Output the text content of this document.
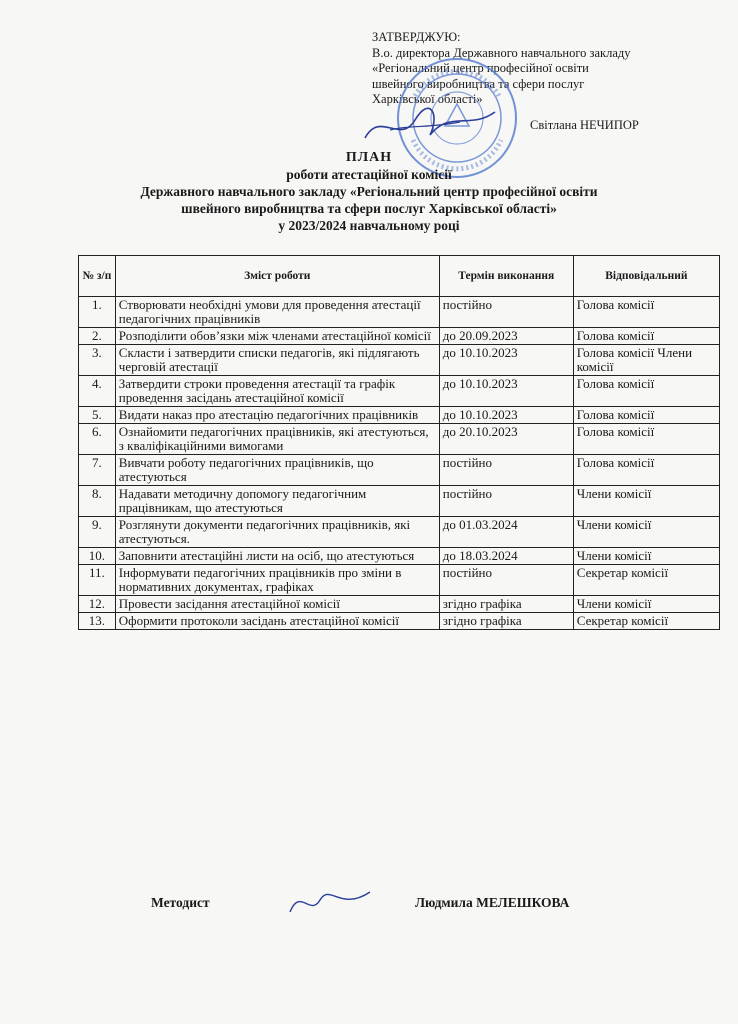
ЗАТВЕРДЖУЮ:
В.о. директора Державного навчального закладу
«Регіональний центр професійної освіти
швейного виробництва та сфери послуг
Харківської області»
Світлана НЕЧИПОР
ПЛАН
роботи атестаційної комісії
Державного навчального закладу «Регіональний центр професійної освіти
швейного виробництва та сфери послуг Харківської області»
у 2023/2024 навчальному році
№ з/п	Зміст роботи	Термін виконання	Відповідальний
1.	Створювати необхідні умови для проведення атестації педагогічних працівників	постійно	Голова комісії
2.	Розподілити обов’язки між членами атестаційної комісії	до 20.09.2023	Голова комісії
3.	Скласти і затвердити списки педагогів, які підлягають черговій атестації	до 10.10.2023	Голова комісії Члени комісії
4.	Затвердити строки проведення атестації та графік проведення засідань атестаційної комісії	до 10.10.2023	Голова комісії
5.	Видати наказ про атестацію педагогічних працівників	до 10.10.2023	Голова комісії
6.	Ознайомити педагогічних працівників, які атестуються, з кваліфікаційними вимогами	до 20.10.2023	Голова комісії
7.	Вивчати роботу педагогічних працівників, що атестуються	постійно	Голова комісії
8.	Надавати методичну допомогу педагогічним працівникам, що атестуються	постійно	Члени комісії
9.	Розглянути документи педагогічних працівників, які атестуються.	до 01.03.2024	Члени комісії
10.	Заповнити атестаційні листи на осіб, що атестуються	до 18.03.2024	Члени комісії
11.	Інформувати педагогічних працівників про зміни в нормативних документах, графіках	постійно	Секретар комісії
12.	Провести засідання атестаційної комісії	згідно графіка	Члени комісії
13.	Оформити протоколи засідань атестаційної комісії	згідно графіка	Секретар комісії
Методист	Людмила МЕЛЕШКОВА
